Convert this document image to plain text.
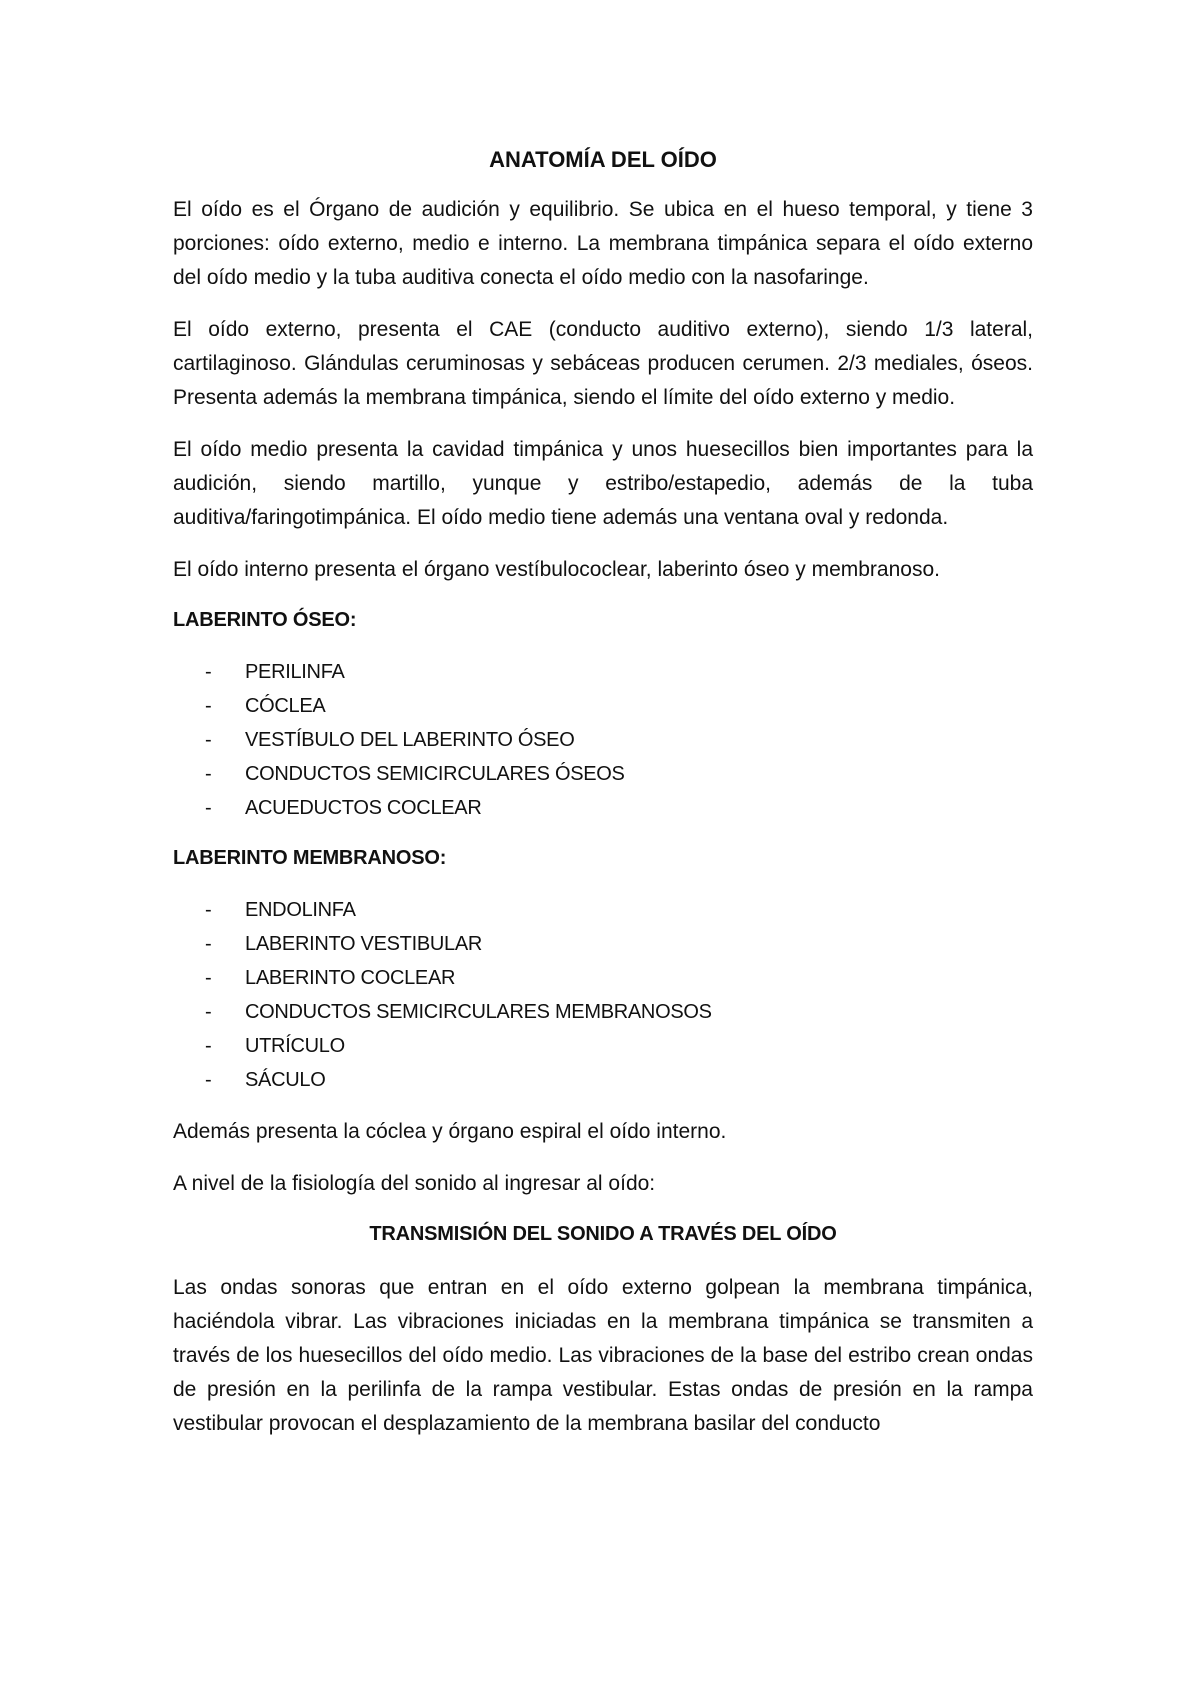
ANATOMÍA DEL OÍDO

El oído es el Órgano de audición y equilibrio. Se ubica en el hueso temporal, y tiene 3 porciones: oído externo, medio e interno. La membrana timpánica separa el oído externo del oído medio y la tuba auditiva conecta el oído medio con la nasofaringe.

El oído externo, presenta el CAE (conducto auditivo externo), siendo 1/3 lateral, cartilaginoso. Glándulas ceruminosas y sebáceas producen cerumen. 2/3 mediales, óseos. Presenta además la membrana timpánica, siendo el límite del oído externo y medio.

El oído medio presenta la cavidad timpánica y unos huesecillos bien importantes para la audición, siendo martillo, yunque y estribo/estapedio, además de la tuba auditiva/faringotimpánica. El oído medio tiene además una ventana oval y redonda.

El oído interno presenta el órgano vestíbulococlear, laberinto óseo y membranoso.

LABERINTO ÓSEO:
- PERILINFA
- CÓCLEA
- VESTÍBULO DEL LABERINTO ÓSEO
- CONDUCTOS SEMICIRCULARES ÓSEOS
- ACUEDUCTOS COCLEAR
LABERINTO MEMBRANOSO:
- ENDOLINFA
- LABERINTO VESTIBULAR
- LABERINTO COCLEAR
- CONDUCTOS SEMICIRCULARES MEMBRANOSOS
- UTRÍCULO
- SÁCULO

Además presenta la cóclea y órgano espiral el oído interno.

A nivel de la fisiología del sonido al ingresar al oído:

TRANSMISIÓN DEL SONIDO A TRAVÉS DEL OÍDO

Las ondas sonoras que entran en el oído externo golpean la membrana timpánica, haciéndola vibrar. Las vibraciones iniciadas en la membrana timpánica se transmiten a través de los huesecillos del oído medio. Las vibraciones de la base del estribo crean ondas de presión en la perilinfa de la rampa vestibular. Estas ondas de presión en la rampa vestibular provocan el desplazamiento de la membrana basilar del conducto
